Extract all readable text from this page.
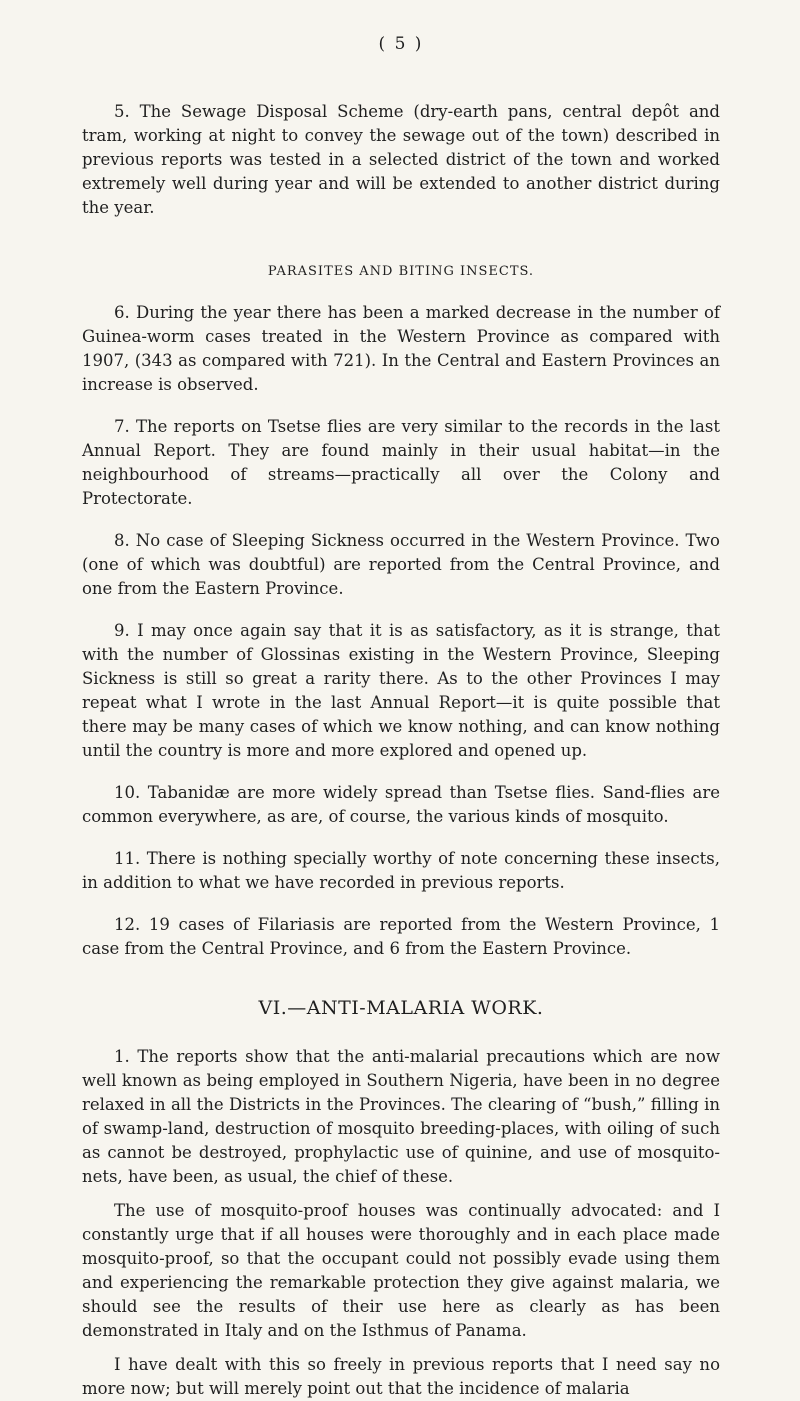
( 5 )

5. The Sewage Disposal Scheme (dry-earth pans, central depôt and tram, working at night to convey the sewage out of the town) described in previous reports was tested in a selected district of the town and worked extremely well during year and will be extended to another district during the year.

PARASITES AND BITING INSECTS.

6. During the year there has been a marked decrease in the number of Guinea-worm cases treated in the Western Province as compared with 1907, (343 as compared with 721). In the Central and Eastern Provinces an increase is observed.

7. The reports on Tsetse flies are very similar to the records in the last Annual Report. They are found mainly in their usual habitat—in the neighbourhood of streams—practically all over the Colony and Protectorate.

8. No case of Sleeping Sickness occurred in the Western Province. Two (one of which was doubtful) are reported from the Central Province, and one from the Eastern Province.

9. I may once again say that it is as satisfactory, as it is strange, that with the number of Glossinas existing in the Western Province, Sleeping Sickness is still so great a rarity there. As to the other Provinces I may repeat what I wrote in the last Annual Report—it is quite possible that there may be many cases of which we know nothing, and can know nothing until the country is more and more explored and opened up.

10. Tabanidæ are more widely spread than Tsetse flies. Sand-flies are common everywhere, as are, of course, the various kinds of mosquito.

11. There is nothing specially worthy of note concerning these insects, in addition to what we have recorded in previous reports.

12. 19 cases of Filariasis are reported from the Western Province, 1 case from the Central Province, and 6 from the Eastern Province.

VI.—ANTI-MALARIA WORK.

1. The reports show that the anti-malarial precautions which are now well known as being employed in Southern Nigeria, have been in no degree relaxed in all the Districts in the Provinces. The clearing of “bush,” filling in of swamp-land, destruction of mosquito breeding-places, with oiling of such as cannot be destroyed, prophylactic use of quinine, and use of mosquito-nets, have been, as usual, the chief of these.

The use of mosquito-proof houses was continually advocated: and I constantly urge that if all houses were thoroughly and in each place made mosquito-proof, so that the occupant could not possibly evade using them and experiencing the remarkable protection they give against malaria, we should see the results of their use here as clearly as has been demonstrated in Italy and on the Isthmus of Panama.

I have dealt with this so freely in previous reports that I need say no more now; but will merely point out that the incidence of malaria
